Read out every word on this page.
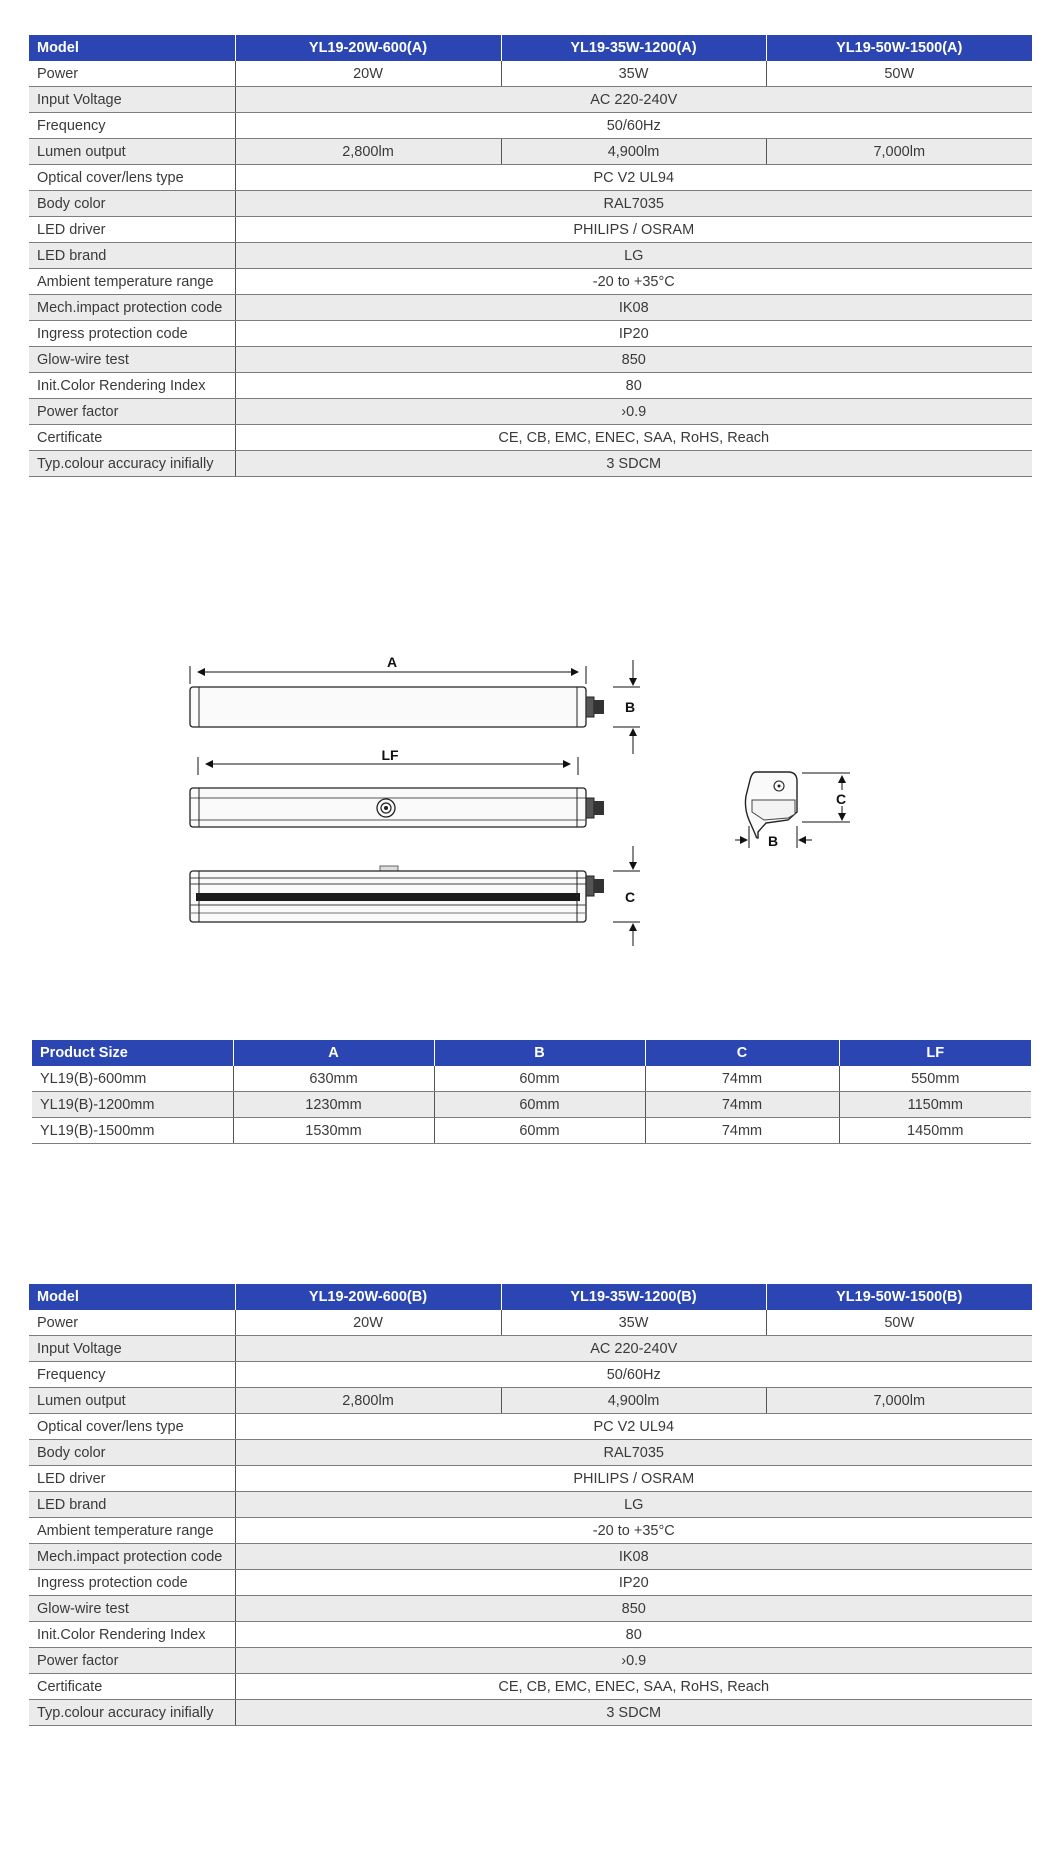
Model	YL19-20W-600(A)	YL19-35W-1200(A)	YL19-50W-1500(A)
Power	20W	35W	50W
Input Voltage	AC 220-240V		
Frequency	50/60Hz		
Lumen output	2,800lm	4,900lm	7,000lm
Optical cover/lens type	PC V2 UL94		
Body color	RAL7035		
LED driver	PHILIPS / OSRAM		
LED brand	LG		
Ambient temperature range	-20 to +35°C		
Mech.impact protection code	IK08		
Ingress protection code	IP20		
Glow-wire test	850		
Init.Color Rendering Index	80		
Power factor	›0.9		
Certificate	CE, CB, EMC, ENEC, SAA, RoHS, Reach		
Typ.colour accuracy inifially	3 SDCM		
A
B
LF
C
C
B
Product Size	A	B	C	LF
YL19(B)-600mm	630mm	60mm	74mm	550mm
YL19(B)-1200mm	1230mm	60mm	74mm	1150mm
YL19(B)-1500mm	1530mm	60mm	74mm	1450mm
Model	YL19-20W-600(B)	YL19-35W-1200(B)	YL19-50W-1500(B)
Power	20W	35W	50W
Input Voltage	AC 220-240V		
Frequency	50/60Hz		
Lumen output	2,800lm	4,900lm	7,000lm
Optical cover/lens type	PC V2 UL94		
Body color	RAL7035		
LED driver	PHILIPS / OSRAM		
LED brand	LG		
Ambient temperature range	-20 to +35°C		
Mech.impact protection code	IK08		
Ingress protection code	IP20		
Glow-wire test	850		
Init.Color Rendering Index	80		
Power factor	›0.9		
Certificate	CE, CB, EMC, ENEC, SAA, RoHS, Reach		
Typ.colour accuracy inifially	3 SDCM		
